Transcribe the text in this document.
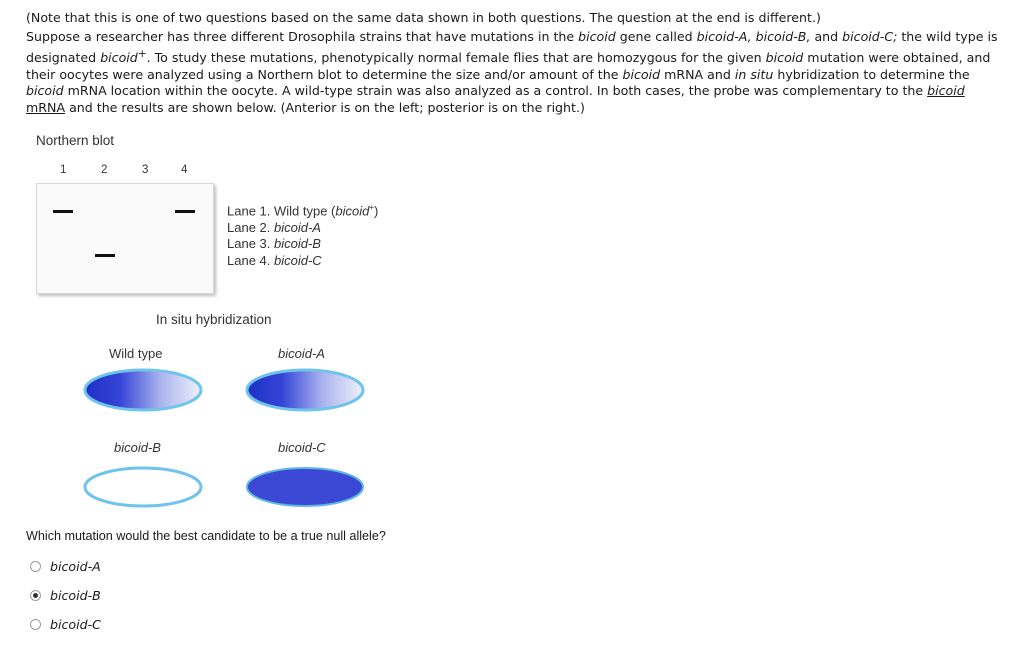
(Note that this is one of two questions based on the same data shown in both questions. The question at the end is different.)

Suppose a researcher has three different Drosophila strains that have mutations in the bicoid gene called bicoid-A, bicoid-B, and bicoid-C; the wild type is designated bicoid+. To study these mutations, phenotypically normal female flies that are homozygous for the given bicoid mutation were obtained, and their oocytes were analyzed using a Northern blot to determine the size and/or amount of the bicoid mRNA and in situ hybridization to determine the bicoid mRNA location within the oocyte. A wild-type strain was also analyzed as a control. In both cases, the probe was complementary to the bicoid mRNA and the results are shown below. (Anterior is on the left; posterior is on the right.)

Northern blot
1	2	3	4
Lane 1. Wild type (bicoid+)
Lane 2. bicoid-A
Lane 3. bicoid-B
Lane 4. bicoid-C
In situ hybridization
Wild type	bicoid-A
bicoid-B	bicoid-C
Which mutation would the best candidate to be a true null allele?
bicoid-A
bicoid-B
bicoid-C
